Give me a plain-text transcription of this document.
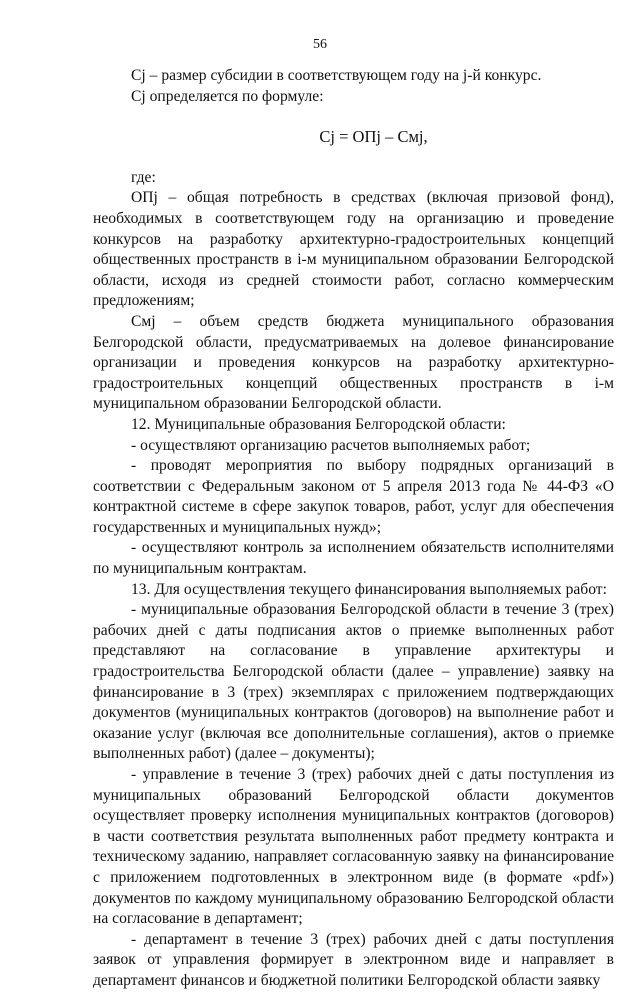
56

Cj – размер субсидии в соответствующем году на j-й конкурс.

Cj определяется по формуле:

Cj = ОПj – Смj,

где:

ОПj – общая потребность в средствах (включая призовой фонд), необходимых в соответствующем году на организацию и проведение конкурсов на разработку архитектурно-градостроительных концепций общественных пространств в i-м муниципальном образовании Белгородской области, исходя из средней стоимости работ, согласно коммерческим предложениям;

Смj – объем средств бюджета муниципального образования Белгородской области, предусматриваемых на долевое финансирование организации и проведения конкурсов на разработку архитектурно-градостроительных концепций общественных пространств в i-м муниципальном образовании Белгородской области.

12. Муниципальные образования Белгородской области:

- осуществляют организацию расчетов выполняемых работ;

- проводят мероприятия по выбору подрядных организаций в соответствии с Федеральным законом от 5 апреля 2013 года № 44-ФЗ «О контрактной системе в сфере закупок товаров, работ, услуг для обеспечения государственных и муниципальных нужд»;

- осуществляют контроль за исполнением обязательств исполнителями по муниципальным контрактам.

13. Для осуществления текущего финансирования выполняемых работ:

- муниципальные образования Белгородской области в течение 3 (трех) рабочих дней с даты подписания актов о приемке выполненных работ представляют на согласование в управление архитектуры и градостроительства Белгородской области (далее – управление) заявку на финансирование в 3 (трех) экземплярах с приложением подтверждающих документов (муниципальных контрактов (договоров) на выполнение работ и оказание услуг (включая все дополнительные соглашения), актов о приемке выполненных работ) (далее – документы);

- управление в течение 3 (трех) рабочих дней с даты поступления из муниципальных образований Белгородской области документов осуществляет проверку исполнения муниципальных контрактов (договоров) в части соответствия результата выполненных работ предмету контракта и техническому заданию, направляет согласованную заявку на финансирование с приложением подготовленных в электронном виде (в формате «pdf») документов по каждому муниципальному образованию Белгородской области на согласование в департамент;

- департамент в течение 3 (трех) рабочих дней с даты поступления заявок от управления формирует в электронном виде и направляет в департамент финансов и бюджетной политики Белгородской области заявку
